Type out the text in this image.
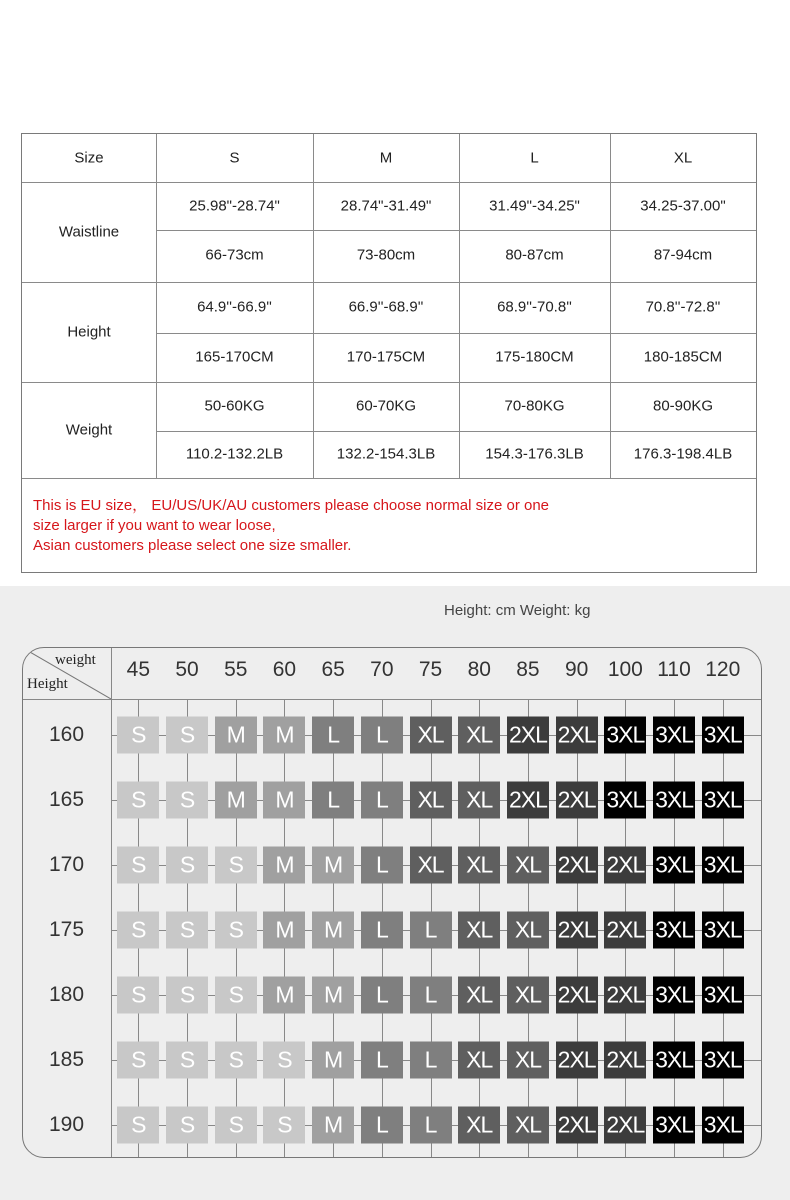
Size	S	M	L	XL
Waistline
25.98"-28.74"	28.74"-31.49"	31.49"-34.25"	34.25-37.00"
66-73cm	73-80cm	80-87cm	87-94cm
Height
64.9''-66.9''	66.9''-68.9''	68.9''-70.8''	70.8''-72.8''
165-170CM	170-175CM	175-180CM	180-185CM
Weight
50-60KG	60-70KG	70-80KG	80-90KG
110.2-132.2LB	132.2-154.3LB	154.3-176.3LB	176.3-198.4LB
This is EU size， EU/US/UK/AU customers please choose normal size or one
size larger if you want to wear loose,
Asian customers please select one size smaller.
Height: cm Weight: kg
weight
Height
45 50 55 60 65 70 75 80 85 90 100 110 120
160	S	S	M	M	L	L	XL XL 2XL 2XL 3XL 3XL 3XL
165	S	S	M	M	L	L	XL XL 2XL 2XL 3XL 3XL 3XL
170	S	S	S	M	M	L	XL XL XL 2XL 2XL 3XL 3XL
175	S	S	S	M	M	L	L	XL XL 2XL 2XL 3XL 3XL
180	S	S	S	M	M	L	L	XL XL 2XL 2XL 3XL 3XL
185	S	S	S	S	M	L	L	XL XL 2XL 2XL 3XL 3XL
190	S	S	S	S	M	L	L	XL XL 2XL 2XL 3XL 3XL
